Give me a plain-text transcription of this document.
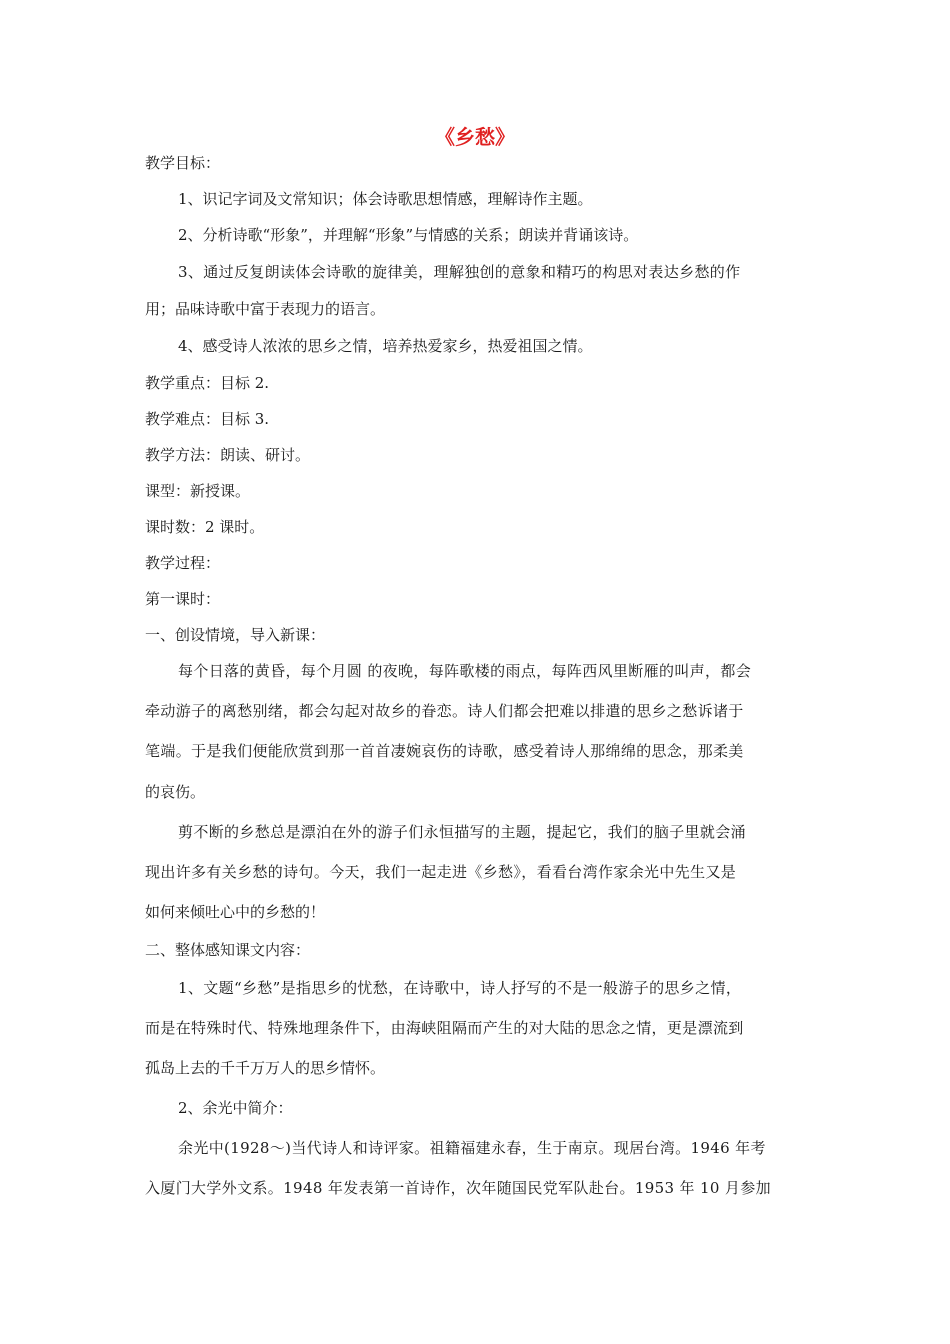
《乡愁》
教学目标：
1、识记字词及文常知识；体会诗歌思想情感，理解诗作主题。
2、分析诗歌“形象”，并理解“形象”与情感的关系；朗读并背诵该诗。
3、通过反复朗读体会诗歌的旋律美，理解独创的意象和精巧的构思对表达乡愁的作
用；品味诗歌中富于表现力的语言。
4、感受诗人浓浓的思乡之情，培养热爱家乡，热爱祖国之情。
教学重点：目标 2.
教学难点：目标 3.
教学方法：朗读、研讨。
课型：新授课。
课时数：2 课时。
教学过程：
第一课时：
一、创设情境，导入新课：
每个日落的黄昏，每个月圆 的夜晚，每阵歌楼的雨点，每阵西风里断雁的叫声，都会
牵动游子的离愁别绪，都会勾起对故乡的眷恋。诗人们都会把难以排遣的思乡之愁诉诸于
笔端。于是我们便能欣赏到那一首首凄婉哀伤的诗歌，感受着诗人那绵绵的思念，那柔美
的哀伤。
剪不断的乡愁总是漂泊在外的游子们永恒描写的主题，提起它，我们的脑子里就会涌
现出许多有关乡愁的诗句。今天，我们一起走进《乡愁》，看看台湾作家余光中先生又是
如何来倾吐心中的乡愁的！
二、整体感知课文内容：
1、文题“乡愁”是指思乡的忧愁，在诗歌中，诗人抒写的不是一般游子的思乡之情，
而是在特殊时代、特殊地理条件下，由海峡阻隔而产生的对大陆的思念之情，更是漂流到
孤岛上去的千千万万人的思乡情怀。
2、余光中简介：
余光中(1928～)当代诗人和诗评家。祖籍福建永春，生于南京。现居台湾。1946 年考
入厦门大学外文系。1948 年发表第一首诗作，次年随国民党军队赴台。1953 年 10 月参加
